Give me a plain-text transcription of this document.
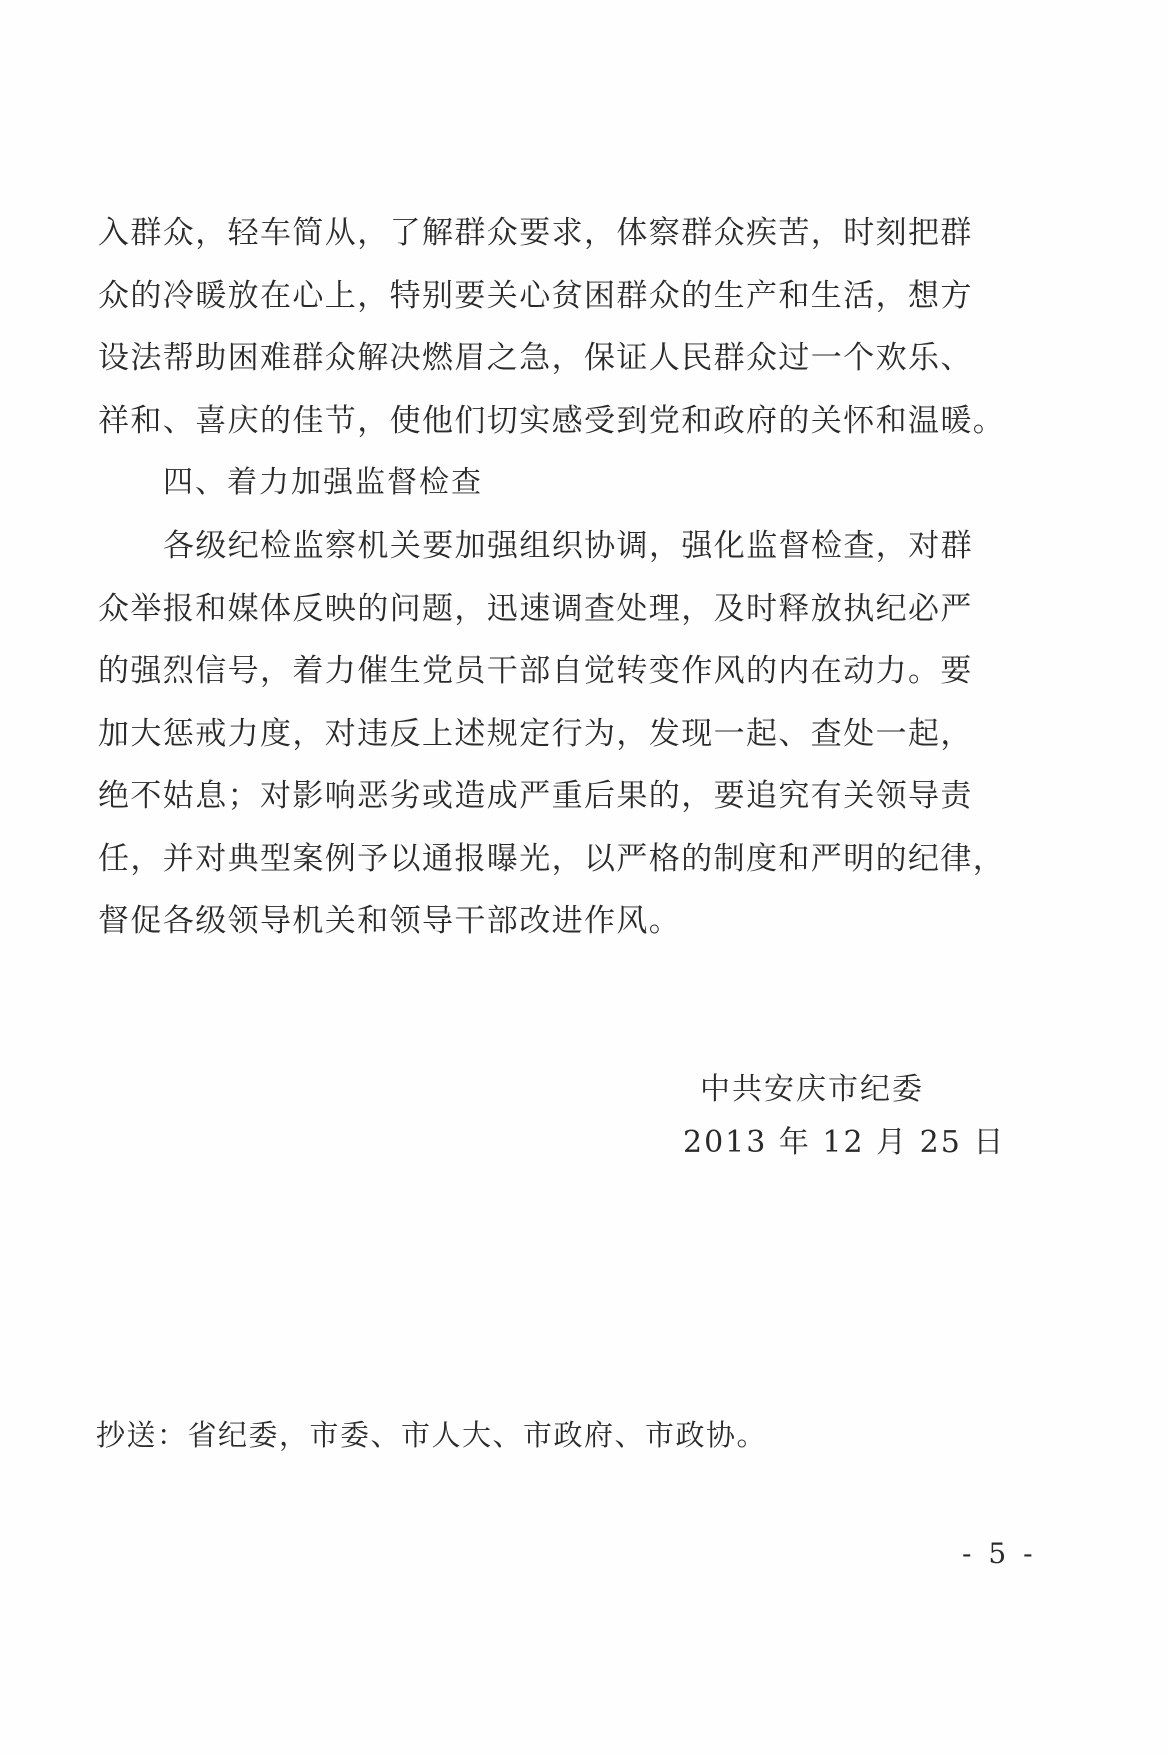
入群众，轻车简从，了解群众要求，体察群众疾苦，时刻把群
众的冷暖放在心上，特别要关心贫困群众的生产和生活，想方
设法帮助困难群众解决燃眉之急，保证人民群众过一个欢乐、
祥和、喜庆的佳节，使他们切实感受到党和政府的关怀和温暖。
四、着力加强监督检查
各级纪检监察机关要加强组织协调，强化监督检查，对群
众举报和媒体反映的问题，迅速调查处理，及时释放执纪必严
的强烈信号，着力催生党员干部自觉转变作风的内在动力。要
加大惩戒力度，对违反上述规定行为，发现一起、查处一起，
绝不姑息；对影响恶劣或造成严重后果的，要追究有关领导责
任，并对典型案例予以通报曝光，以严格的制度和严明的纪律，
督促各级领导机关和领导干部改进作风。
中共安庆市纪委
2013 年 12 月 25 日
抄送：省纪委，市委、市人大、市政府、市政协。
- 5 -
